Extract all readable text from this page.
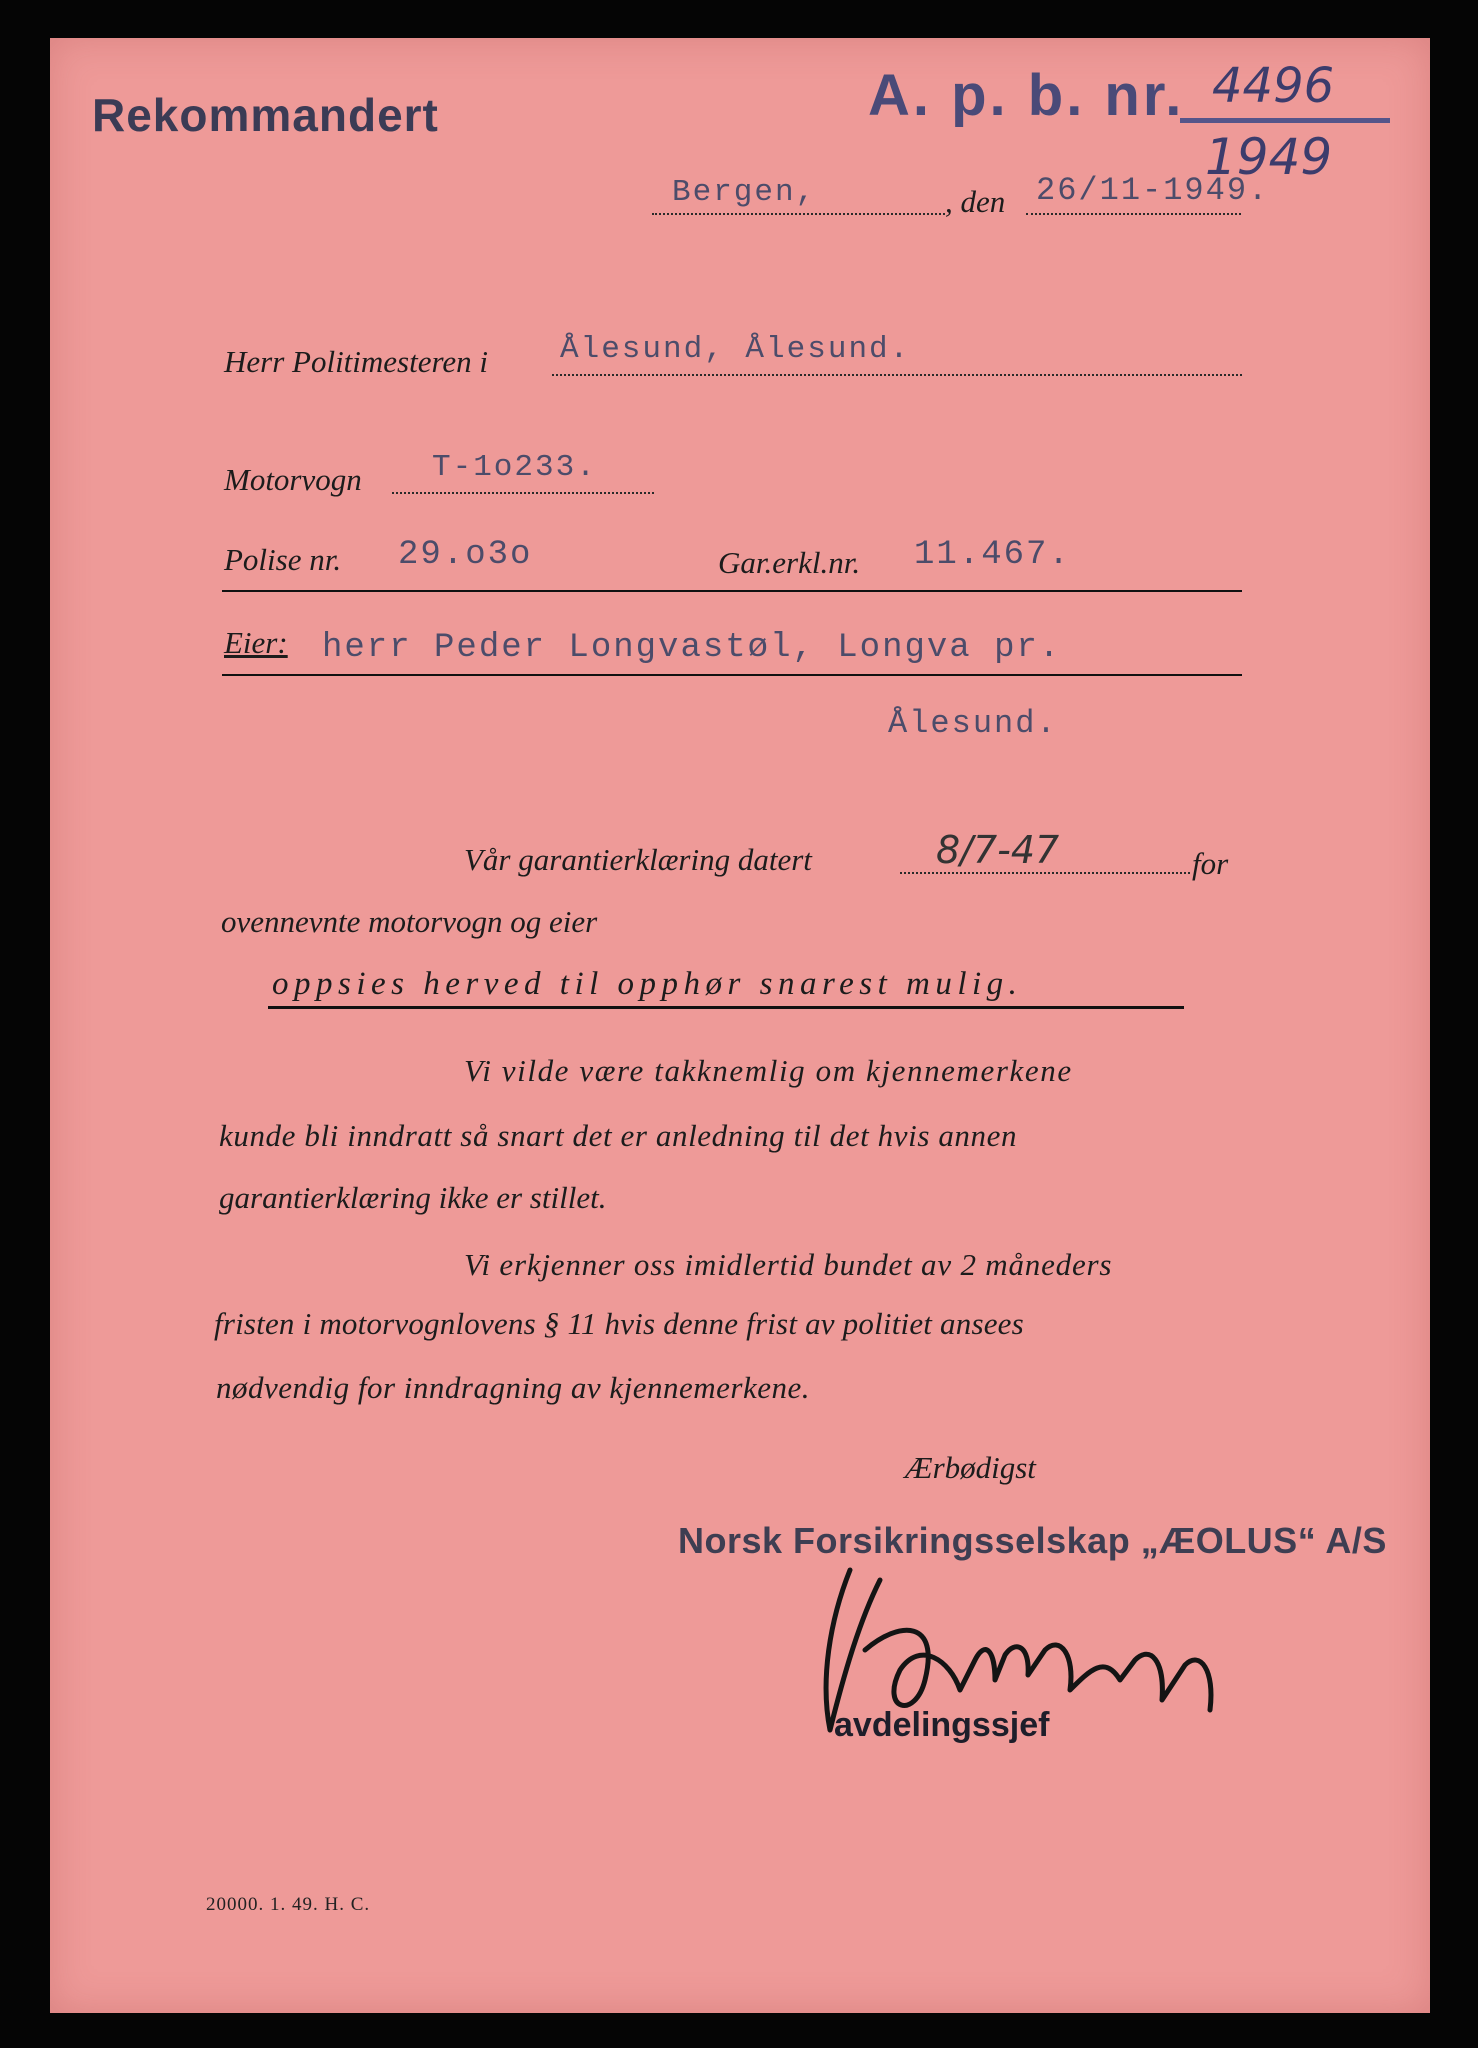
Rekommandert	A. p. b. nr. 4496
1949
Bergen,	, den 26/11-1949.
Herr Politimesteren i Ålesund, Ålesund.
Motorvogn T-1o233.
Polise nr. 29.o3o	Gar.erkl.nr. 11.467.
Eier: herr Peder Longvastøl, Longva pr.
Ålesund.
Vår garantierklæring datert	8/7-47	for
ovennevnte motorvogn og eier
oppsies herved til opphør snarest mulig.
Vi vilde være takknemlig om kjennemerkene
kunde bli inndratt så snart det er anledning til det hvis annen
garantierklæring ikke er stillet.
Vi erkjenner oss imidlertid bundet av 2 måneders
fristen i motorvognlovens § 11 hvis denne frist av politiet ansees
nødvendig for inndragning av kjennemerkene.
Ærbødigst
Norsk Forsikringsselskap „ÆOLUS“ A/S
avdelingssjef
20000. 1. 49. H. C.
